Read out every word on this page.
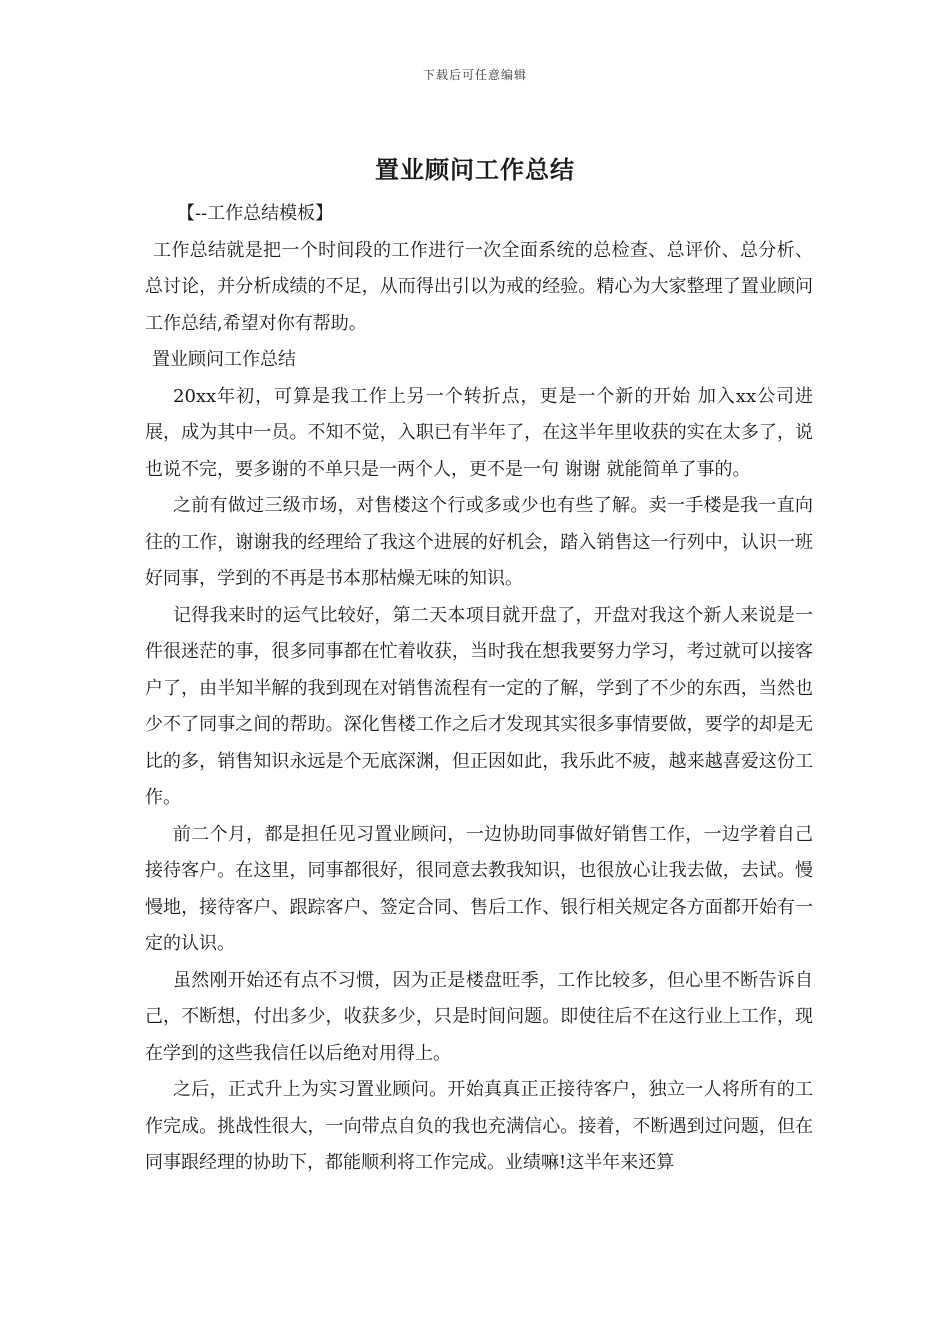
下载后可任意编辑
置业顾问工作总结

【--工作总结模板】

工作总结就是把一个时间段的工作进行一次全面系统的总检查、总评价、总分析、总讨论，并分析成绩的不足，从而得出引以为戒的经验。精心为大家整理了置业顾问工作总结,希望对你有帮助。

置业顾问工作总结

20xx年初，可算是我工作上另一个转折点，更是一个新的开始 加入xx公司进展，成为其中一员。不知不觉，入职已有半年了，在这半年里收获的实在太多了，说也说不完，要多谢的不单只是一两个人，更不是一句 谢谢 就能简单了事的。

之前有做过三级市场，对售楼这个行或多或少也有些了解。卖一手楼是我一直向往的工作，谢谢我的经理给了我这个进展的好机会，踏入销售这一行列中，认识一班好同事，学到的不再是书本那枯燥无味的知识。

记得我来时的运气比较好，第二天本项目就开盘了，开盘对我这个新人来说是一件很迷茫的事，很多同事都在忙着收获，当时我在想我要努力学习，考过就可以接客户了，由半知半解的我到现在对销售流程有一定的了解，学到了不少的东西，当然也少不了同事之间的帮助。深化售楼工作之后才发现其实很多事情要做，要学的却是无比的多，销售知识永远是个无底深渊，但正因如此，我乐此不疲，越来越喜爱这份工作。

前二个月，都是担任见习置业顾问，一边协助同事做好销售工作，一边学着自己接待客户。在这里，同事都很好，很同意去教我知识，也很放心让我去做，去试。慢慢地，接待客户、跟踪客户、签定合同、售后工作、银行相关规定各方面都开始有一定的认识。

虽然刚开始还有点不习惯，因为正是楼盘旺季，工作比较多，但心里不断告诉自己，不断想，付出多少，收获多少，只是时间问题。即使往后不在这行业上工作，现在学到的这些我信任以后绝对用得上。

之后，正式升上为实习置业顾问。开始真真正正接待客户，独立一人将所有的工作完成。挑战性很大，一向带点自负的我也充满信心。接着，不断遇到过问题，但在同事跟经理的协助下，都能顺利将工作完成。业绩嘛!这半年来还算
